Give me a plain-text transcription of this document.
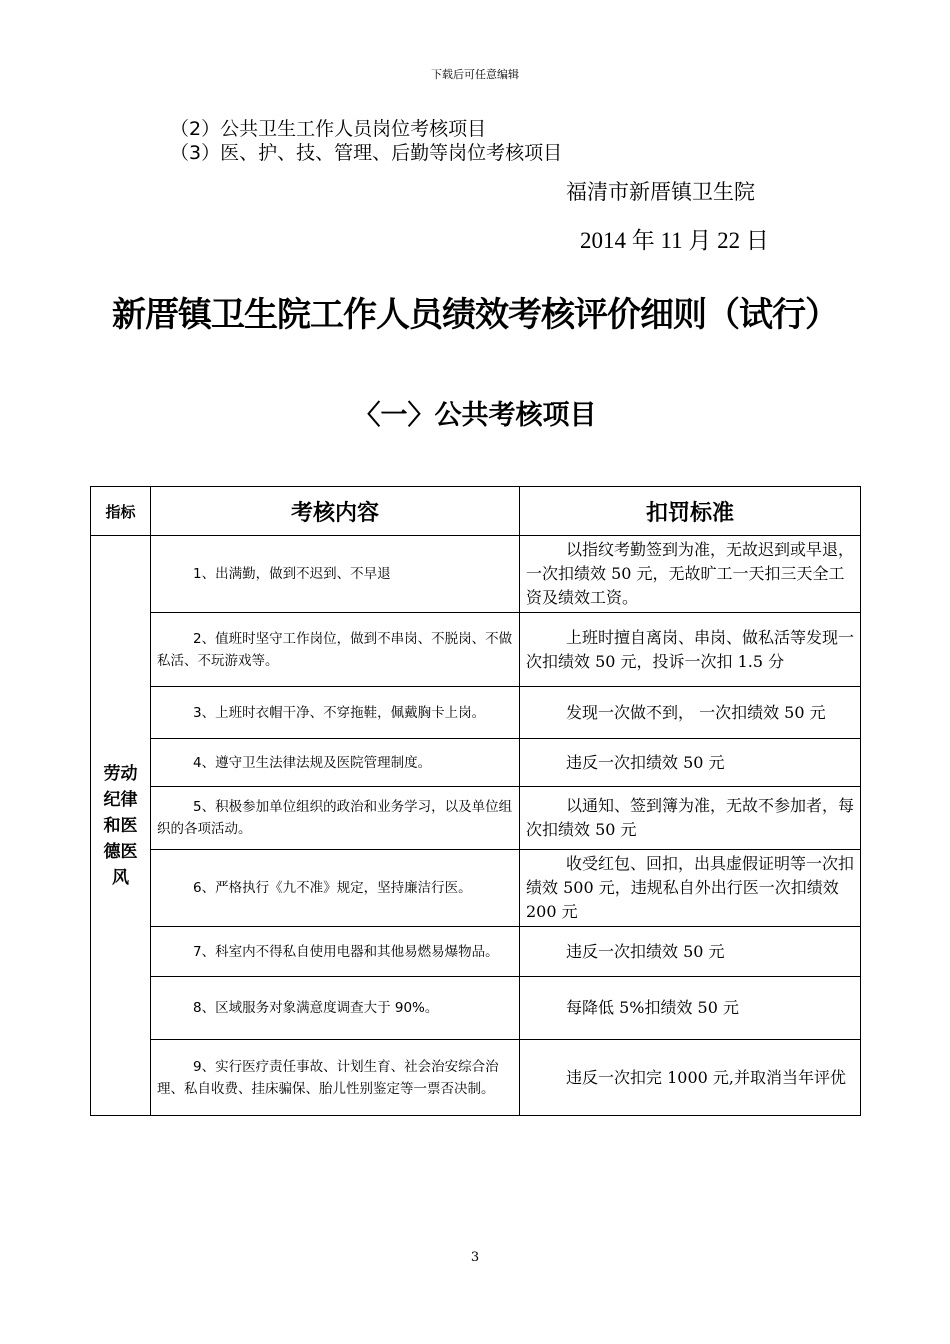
下载后可任意编辑
（2）公共卫生工作人员岗位考核项目
（3）医、护、技、管理、后勤等岗位考核项目
福清市新厝镇卫生院
2014 年 11 月 22 日
新厝镇卫生院工作人员绩效考核评价细则（试行）
〈一〉公共考核项目
指标	考核内容	扣罚标准

劳动纪律和医德医风	1、出满勤，做到不迟到、不早退	以指纹考勤签到为准，无故迟到或早退，一次扣绩效 50 元，无故旷工一天扣三天全工资及绩效工资。
	2、值班时坚守工作岗位，做到不串岗、不脱岗、不做私活、不玩游戏等。	上班时擅自离岗、串岗、做私活等发现一次扣绩效 50 元，投诉一次扣 1.5 分
	3、上班时衣帽干净、不穿拖鞋，佩戴胸卡上岗。	发现一次做不到， 一次扣绩效 50 元
	4、遵守卫生法律法规及医院管理制度。	违反一次扣绩效 50 元
	5、积极参加单位组织的政治和业务学习，以及单位组织的各项活动。	以通知、签到簿为准，无故不参加者，每次扣绩效 50 元
	6、严格执行《九不准》规定，坚持廉洁行医。	收受红包、回扣，出具虚假证明等一次扣绩效 500 元，违规私自外出行医一次扣绩效 200 元
	7、科室内不得私自使用电器和其他易燃易爆物品。	违反一次扣绩效 50 元
	8、区域服务对象满意度调查大于 90%。	每降低 5%扣绩效 50 元
	9、实行医疗责任事故、计划生育、社会治安综合治理、私自收费、挂床骗保、胎儿性别鉴定等一票否决制。	违反一次扣完 1000 元,并取消当年评优
3
